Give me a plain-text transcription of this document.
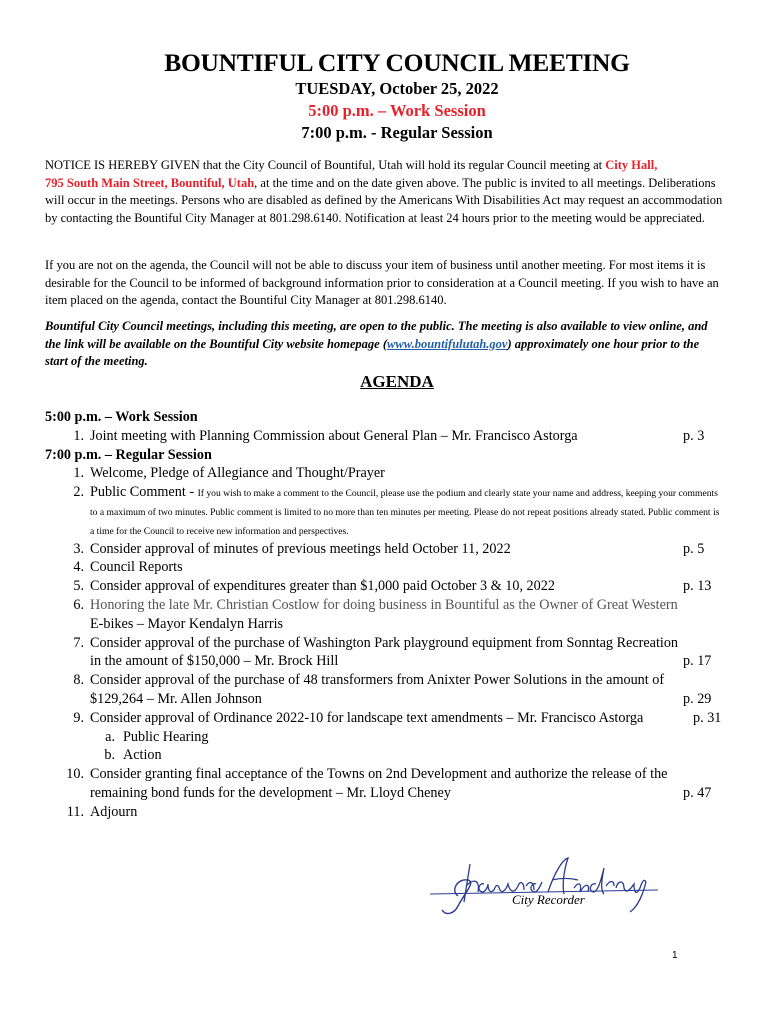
BOUNTIFUL CITY COUNCIL MEETING
TUESDAY, October 25, 2022
5:00 p.m. – Work Session
7:00 p.m. - Regular Session
NOTICE IS HEREBY GIVEN that the City Council of Bountiful, Utah will hold its regular Council meeting at City Hall,
795 South Main Street, Bountiful, Utah, at the time and on the date given above. The public is invited to all meetings. Deliberations will occur in the meetings. Persons who are disabled as defined by the Americans With Disabilities Act may request an accommodation by contacting the Bountiful City Manager at 801.298.6140. Notification at least 24 hours prior to the meeting would be appreciated.
If you are not on the agenda, the Council will not be able to discuss your item of business until another meeting. For most items it is desirable for the Council to be informed of background information prior to consideration at a Council meeting. If you wish to have an item placed on the agenda, contact the Bountiful City Manager at 801.298.6140.
Bountiful City Council meetings, including this meeting, are open to the public. The meeting is also available to view online, and the link will be available on the Bountiful City website homepage (www.bountifulutah.gov) approximately one hour prior to the start of the meeting.
AGENDA
5:00 p.m. – Work Session
1. Joint meeting with Planning Commission about General Plan – Mr. Francisco Astorga	p. 3
7:00 p.m. – Regular Session
1. Welcome, Pledge of Allegiance and Thought/Prayer
2. Public Comment - If you wish to make a comment to the Council, please use the podium and clearly state your name and address, keeping your comments to a maximum of two minutes. Public comment is limited to no more than ten minutes per meeting. Please do not repeat positions already stated. Public comment is a time for the Council to receive new information and perspectives.
3. Consider approval of minutes of previous meetings held October 11, 2022	p. 5
4. Council Reports
5. Consider approval of expenditures greater than $1,000 paid October 3 & 10, 2022	p. 13
6. Honoring the late Mr. Christian Costlow for doing business in Bountiful as the Owner of Great Western
E-bikes – Mayor Kendalyn Harris
7. Consider approval of the purchase of Washington Park playground equipment from Sonntag Recreation
in the amount of $150,000 – Mr. Brock Hill	p. 17
8. Consider approval of the purchase of 48 transformers from Anixter Power Solutions in the amount of
$129,264 – Mr. Allen Johnson	p. 29
9. Consider approval of Ordinance 2022-10 for landscape text amendments – Mr. Francisco Astorga	p. 31
a. Public Hearing
b. Action
10. Consider granting final acceptance of the Towns on 2nd Development and authorize the release of the
remaining bond funds for the development – Mr. Lloyd Cheney	p. 47
11. Adjourn
City Recorder
1
